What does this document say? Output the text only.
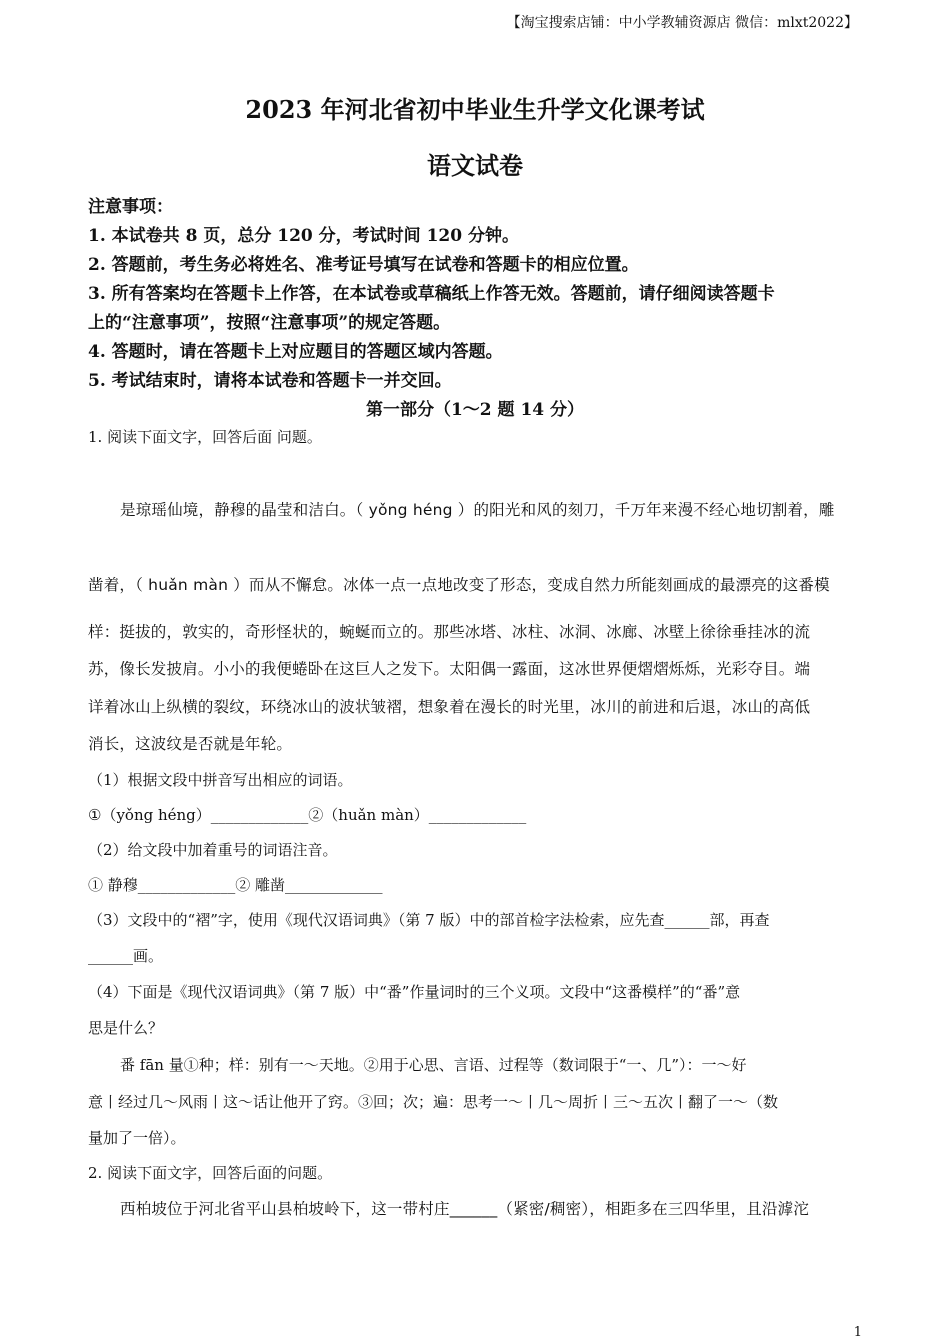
【淘宝搜索店铺：中小学教辅资源店 微信：mlxt2022】
2023 年河北省初中毕业生升学文化课考试
语文试卷
注意事项：
1. 本试卷共 8 页，总分 120 分，考试时间 120 分钟。
2. 答题前，考生务必将姓名、准考证号填写在试卷和答题卡的相应位置。
3. 所有答案均在答题卡上作答，在本试卷或草稿纸上作答无效。答题前，请仔细阅读答题卡
上的“注意事项”，按照“注意事项”的规定答题。
4. 答题时，请在答题卡上对应题目的答题区域内答题。
5. 考试结束时，请将本试卷和答题卡一并交回。
第一部分（1～2 题 14 分）
1. 阅读下面文字，回答后面 问题。
是琼瑶仙境，静穆的晶莹和洁白。（ yǒng héng ）的阳光和风的刻刀，千万年来漫不经心地切割着，雕
凿着，（ huǎn màn ）而从不懈怠。冰体一点一点地改变了形态，变成自然力所能刻画成的最漂亮的这番模
样：挺拔的，敦实的，奇形怪状的，蜿蜒而立的。那些冰塔、冰柱、冰洞、冰廊、冰壁上徐徐垂挂冰的流
苏，像长发披肩。小小的我便蜷卧在这巨人之发下。太阳偶一露面，这冰世界便熠熠烁烁，光彩夺目。端
详着冰山上纵横的裂纹，环绕冰山的波状皱褶，想象着在漫长的时光里，冰川的前进和后退，冰山的高低
消长，这波纹是否就是年轮。
（1）根据文段中拼音写出相应的词语。
①（yǒng héng）_____________②（huǎn màn）_____________
（2）给文段中加着重号的词语注音。
① 静穆_____________② 雕凿_____________
（3）文段中的“褶”字，使用《现代汉语词典》（第 7 版）中的部首检字法检索，应先查______部，再查
______画。
（4）下面是《现代汉语词典》（第 7 版）中“番”作量词时的三个义项。文段中“这番模样”的“番”意
思是什么？
番 fān 量①种；样：别有一～天地。②用于心思、言语、过程等（数词限于“一、几”）：一～好
意丨经过几～风雨丨这～话让他开了窍。③回；次；遍：思考一～丨几～周折丨三～五次丨翻了一～（数
量加了一倍）。
2. 阅读下面文字，回答后面的问题。
西柏坡位于河北省平山县柏坡岭下，这一带村庄______（紧密/稠密），相距多在三四华里，且沿滹沱
1
